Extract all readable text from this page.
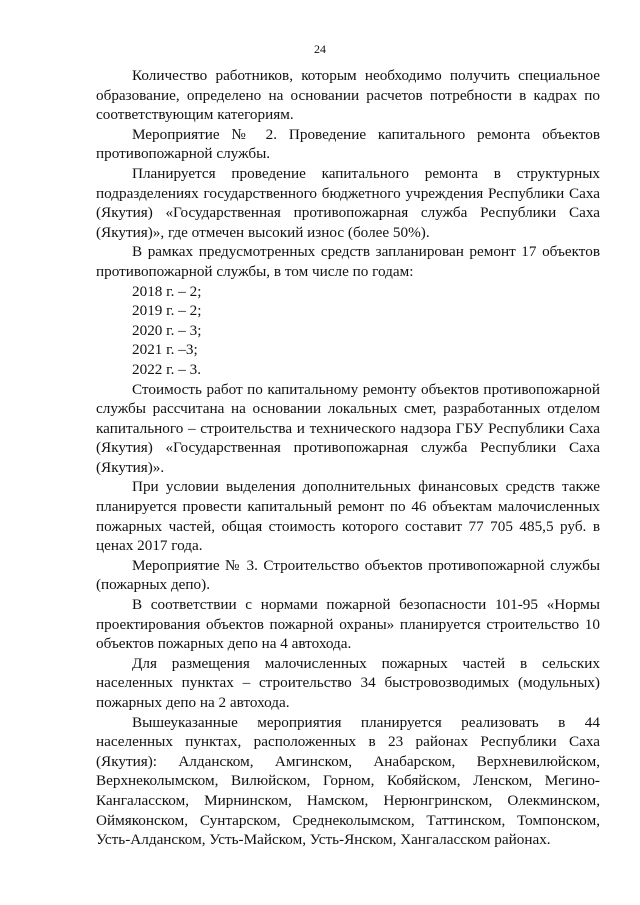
24

Количество работников, которым необходимо получить специальное образование, определено на основании расчетов потребности в кадрах по соответствующим категориям.

Мероприятие № 2. Проведение капитального ремонта объектов противопожарной службы.

Планируется проведение капитального ремонта в структурных подразделениях государственного бюджетного учреждения Республики Саха (Якутия) «Государственная противопожарная служба Республики Саха (Якутия)», где отмечен высокий износ (более 50%).

В рамках предусмотренных средств запланирован ремонт 17 объектов противопожарной службы, в том числе по годам:

2018 г. – 2;

2019 г. – 2;

2020 г. – 3;

2021 г. –3;

2022 г. – 3.

Стоимость работ по капитальному ремонту объектов противопожарной службы рассчитана на основании локальных смет, разработанных отделом капитального – строительства и технического надзора ГБУ Республики Саха (Якутия) «Государственная противопожарная служба Республики Саха (Якутия)».

При условии выделения дополнительных финансовых средств также планируется провести капитальный ремонт по 46 объектам малочисленных пожарных частей, общая стоимость которого составит 77 705 485,5 руб. в ценах 2017 года.

Мероприятие № 3. Строительство объектов противопожарной службы (пожарных депо).

В соответствии с нормами пожарной безопасности 101-95 «Нормы проектирования объектов пожарной охраны» планируется строительство 10 объектов пожарных депо на 4 автохода.

Для размещения малочисленных пожарных частей в сельских населенных пунктах – строительство 34 быстровозводимых (модульных) пожарных депо на 2 автохода.

Вышеуказанные мероприятия планируется реализовать в 44 населенных пунктах, расположенных в 23 районах Республики Саха (Якутия): Алданском, Амгинском, Анабарском, Верхневилюйском, Верхнеколымском, Вилюйском, Горном, Кобяйском, Ленском, Мегино-Кангаласском, Мирнинском, Намском, Нерюнгринском, Олекминском, Оймяконском, Сунтарском, Среднеколымском, Таттинском, Томпонском, Усть-Алданском, Усть-Майском, Усть-Янском, Хангаласском районах.
